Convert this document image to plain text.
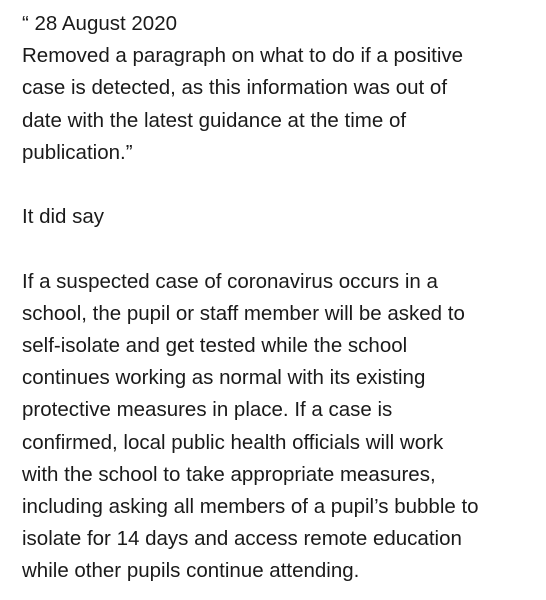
“ 28 August 2020
Removed a paragraph on what to do if a positive
case is detected, as this information was out of
date with the latest guidance at the time of
publication.”
It did say
If a suspected case of coronavirus occurs in a
school, the pupil or staff member will be asked to
self-isolate and get tested while the school
continues working as normal with its existing
protective measures in place. If a case is
confirmed, local public health officials will work
with the school to take appropriate measures,
including asking all members of a pupil’s bubble to
isolate for 14 days and access remote education
while other pupils continue attending.
